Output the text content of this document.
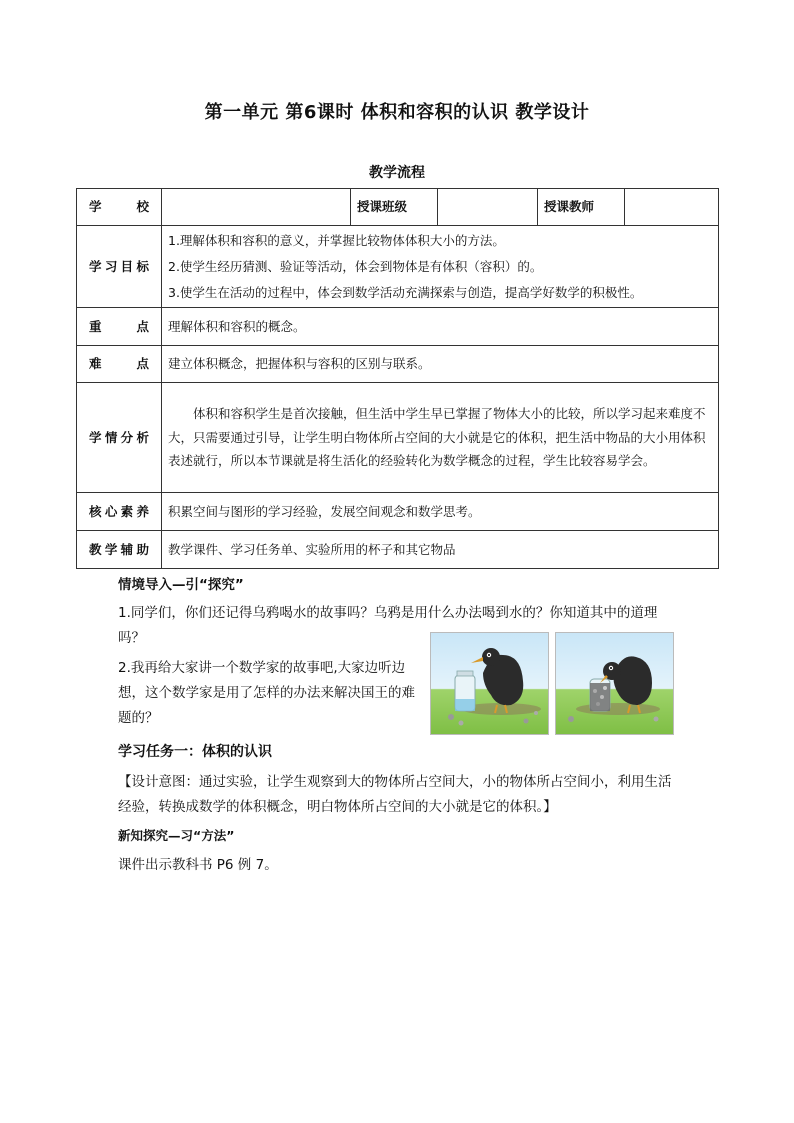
第一单元 第6课时 体积和容积的认识 教学设计
教学流程
学 校		授课班级		授课教师	
学习目标	1.理解体积和容积的意义，并掌握比较物体体积大小的方法。
2.使学生经历猜测、验证等活动，体会到物体是有体积（容积）的。
3.使学生在活动的过程中，体会到数学活动充满探索与创造，提高学好数学的积极性。				

重 点	理解体积和容积的概念。				
难 点	建立体积概念，把握体积与容积的区别与联系。				
学情分析	体积和容积学生是首次接触，但生活中学生早已掌握了物体大小的比较，所以学习起来难度不大，只需要通过引导，让学生明白物体所占空间的大小就是它的体积，把生活中物品的大小用体积表述就行，所以本节课就是将生活化的经验转化为数学概念的过程，学生比较容易学会。				
核心素养	积累空间与图形的学习经验，发展空间观念和数学思考。				
教学辅助	教学课件、学习任务单、实验所用的杯子和其它物品				
情境导入—引“探究”
1.同学们，你们还记得乌鸦喝水的故事吗？乌鸦是用什么办法喝到水的？你知道其中的道理吗？
2.我再给大家讲一个数学家的故事吧,大家边听边想，这个数学家是用了怎样的办法来解决国王的难题的？
学习任务一：体积的认识
【设计意图：通过实验，让学生观察到大的物体所占空间大，小的物体所占空间小，利用生活经验，转换成数学的体积概念，明白物体所占空间的大小就是它的体积。】
新知探究—习“方法”
课件出示教科书 P6 例 7。
